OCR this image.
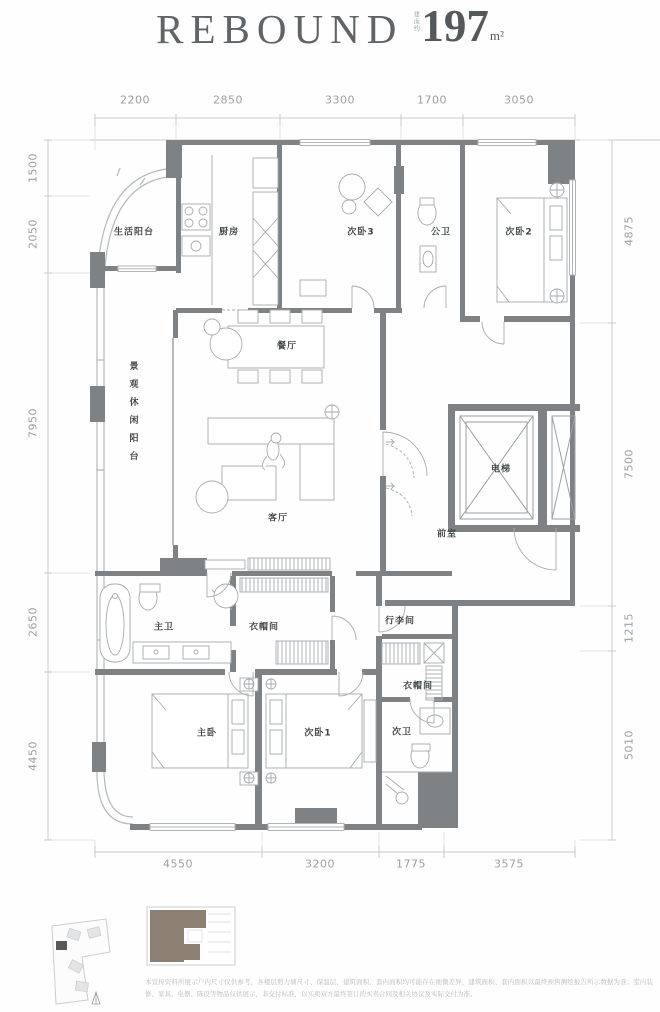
REBOUND 建面约 197 m²
生活阳台	厨房	次卧3	公卫	次卧2
餐厅
景观休闲阳台
客厅
电梯
前室
主卫	衣帽间
行李间
衣帽间
主卧	次卧1	次卫
2200	2850	3300	1700	3050
1500
2050
7950
2650
4450
4875
7500
1215
5010
4550	3200	1775	3575
本宣传资料所展示户内尺寸仅供参考，各楼层剪力墙尺寸、保温层、建筑面积、套内面积均可能存在细微差异，建筑面积、套内面积以最终预售测绘报告所示数据为准；室内装修、家具、电器、陈设等物品仅供展示，非交付标准，以买卖双方最终签订的买卖合同及相关协议及实际交付为准。
